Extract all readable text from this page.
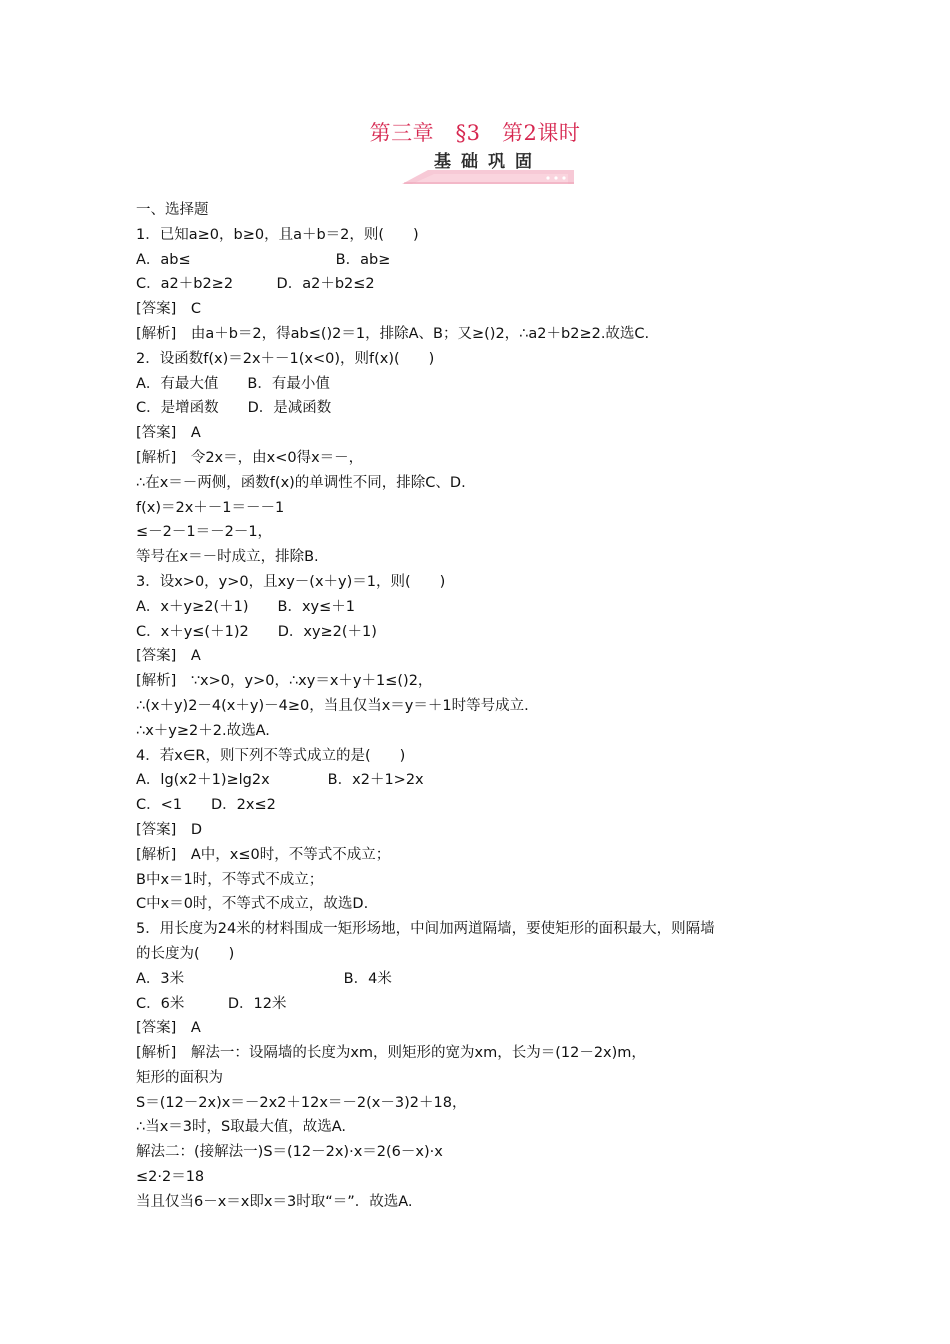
第三章　§3　第2课时
基础巩固

一、选择题

1．已知a≥0，b≥0，且a＋b＝2，则(　　)

A．ab≤　　　　　　　　　　B．ab≥

C．a2＋b2≥2　　　D．a2＋b2≤2

[答案]　C

[解析]　由a＋b＝2，得ab≤()2＝1，排除A、B；又≥()2，∴a2＋b2≥2.故选C.

2．设函数f(x)＝2x＋－1(x<0)，则f(x)(　　)

A．有最大值　　B．有最小值

C．是增函数　　D．是减函数

[答案]　A

[解析]　令2x＝，由x<0得x＝－，

∴在x＝－两侧，函数f(x)的单调性不同，排除C、D.

f(x)＝2x＋－1＝－－1

≤－2－1＝－2－1，

等号在x＝－时成立，排除B.

3．设x>0，y>0，且xy－(x＋y)＝1，则(　　)

A．x＋y≥2(＋1)　　B．xy≤＋1

C．x＋y≤(＋1)2　　D．xy≥2(＋1)

[答案]　A

[解析]　∵x>0，y>0，∴xy＝x＋y＋1≤()2，

∴(x＋y)2－4(x＋y)－4≥0，当且仅当x＝y＝＋1时等号成立.

∴x＋y≥2＋2.故选A.

4．若x∈R，则下列不等式成立的是(　　)

A．lg(x2＋1)≥lg2x　　　　B．x2＋1>2x

C．<1　　D．2x≤2

[答案]　D

[解析]　A中，x≤0时，不等式不成立；

B中x＝1时，不等式不成立；

C中x＝0时，不等式不成立，故选D.

5．用长度为24米的材料围成一矩形场地，中间加两道隔墙，要使矩形的面积最大，则隔墙

的长度为(　　)

A．3米　　　　　　　　　　　B．4米

C．6米　　　D．12米

[答案]　A

[解析]　解法一：设隔墙的长度为xm，则矩形的宽为xm，长为＝(12－2x)m，

矩形的面积为

S＝(12－2x)x＝－2x2＋12x＝－2(x－3)2＋18，

∴当x＝3时，S取最大值，故选A.

解法二：(接解法一)S＝(12－2x)·x＝2(6－x)·x

≤2·2＝18

当且仅当6－x＝x即x＝3时取“＝”．故选A.
